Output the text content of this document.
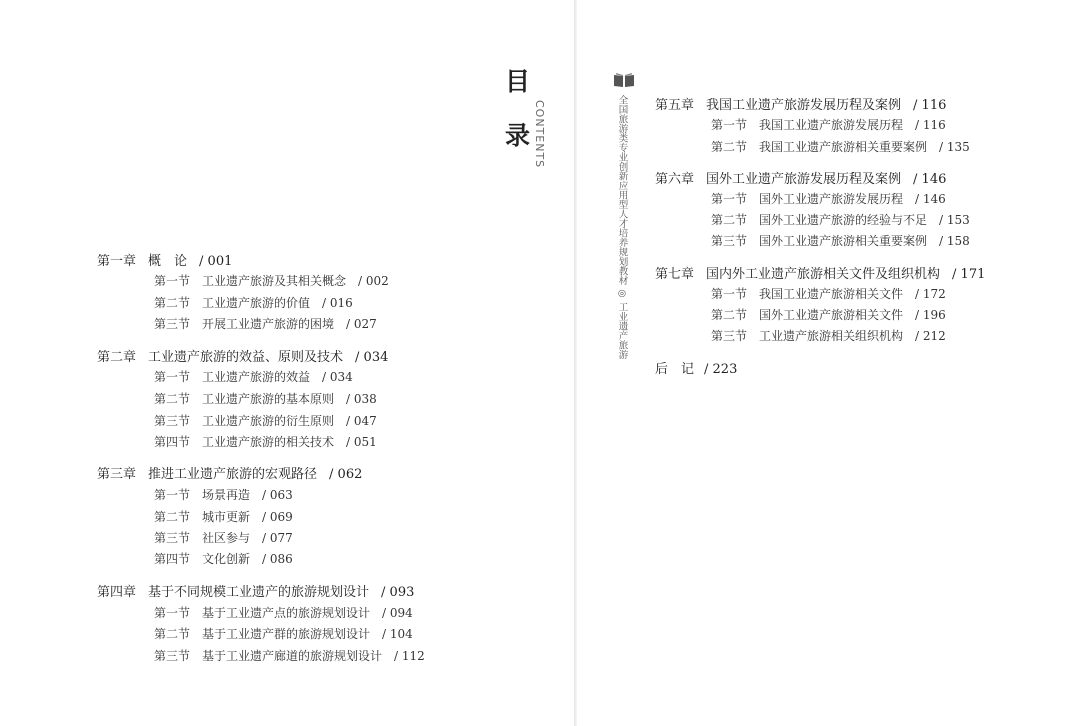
目
录 CONTENTS
第一章 概　论 / 001
第一节 工业遗产旅游及其相关概念 / 002
第二节 工业遗产旅游的价值 / 016
第三节 开展工业遗产旅游的困境 / 027
第二章 工业遗产旅游的效益、原则及技术 / 034
第一节 工业遗产旅游的效益 / 034
第二节 工业遗产旅游的基本原则 / 038
第三节 工业遗产旅游的衍生原则 / 047
第四节 工业遗产旅游的相关技术 / 051
第三章 推进工业遗产旅游的宏观路径 / 062
第一节 场景再造 / 063
第二节 城市更新 / 069
第三节 社区参与 / 077
第四节 文化创新 / 086
第四章 基于不同规模工业遗产的旅游规划设计 / 093
第一节 基于工业遗产点的旅游规划设计 / 094
第二节 基于工业遗产群的旅游规划设计 / 104
第三节 基于工业遗产廊道的旅游规划设计 / 112
全国旅游类专业创新应用型人才培养规划教材 ◎ 工业遗产旅游 第五章 我国工业遗产旅游发展历程及案例 / 116
第一节 我国工业遗产旅游发展历程 / 116
第二节 我国工业遗产旅游相关重要案例 / 135
第六章 国外工业遗产旅游发展历程及案例 / 146
第一节 国外工业遗产旅游发展历程 / 146
第二节 国外工业遗产旅游的经验与不足 / 153
第三节 国外工业遗产旅游相关重要案例 / 158
第七章 国内外工业遗产旅游相关文件及组织机构 / 171
第一节 我国工业遗产旅游相关文件 / 172
第二节 国外工业遗产旅游相关文件 / 196
第三节 工业遗产旅游相关组织机构 / 212
后　记 / 223
